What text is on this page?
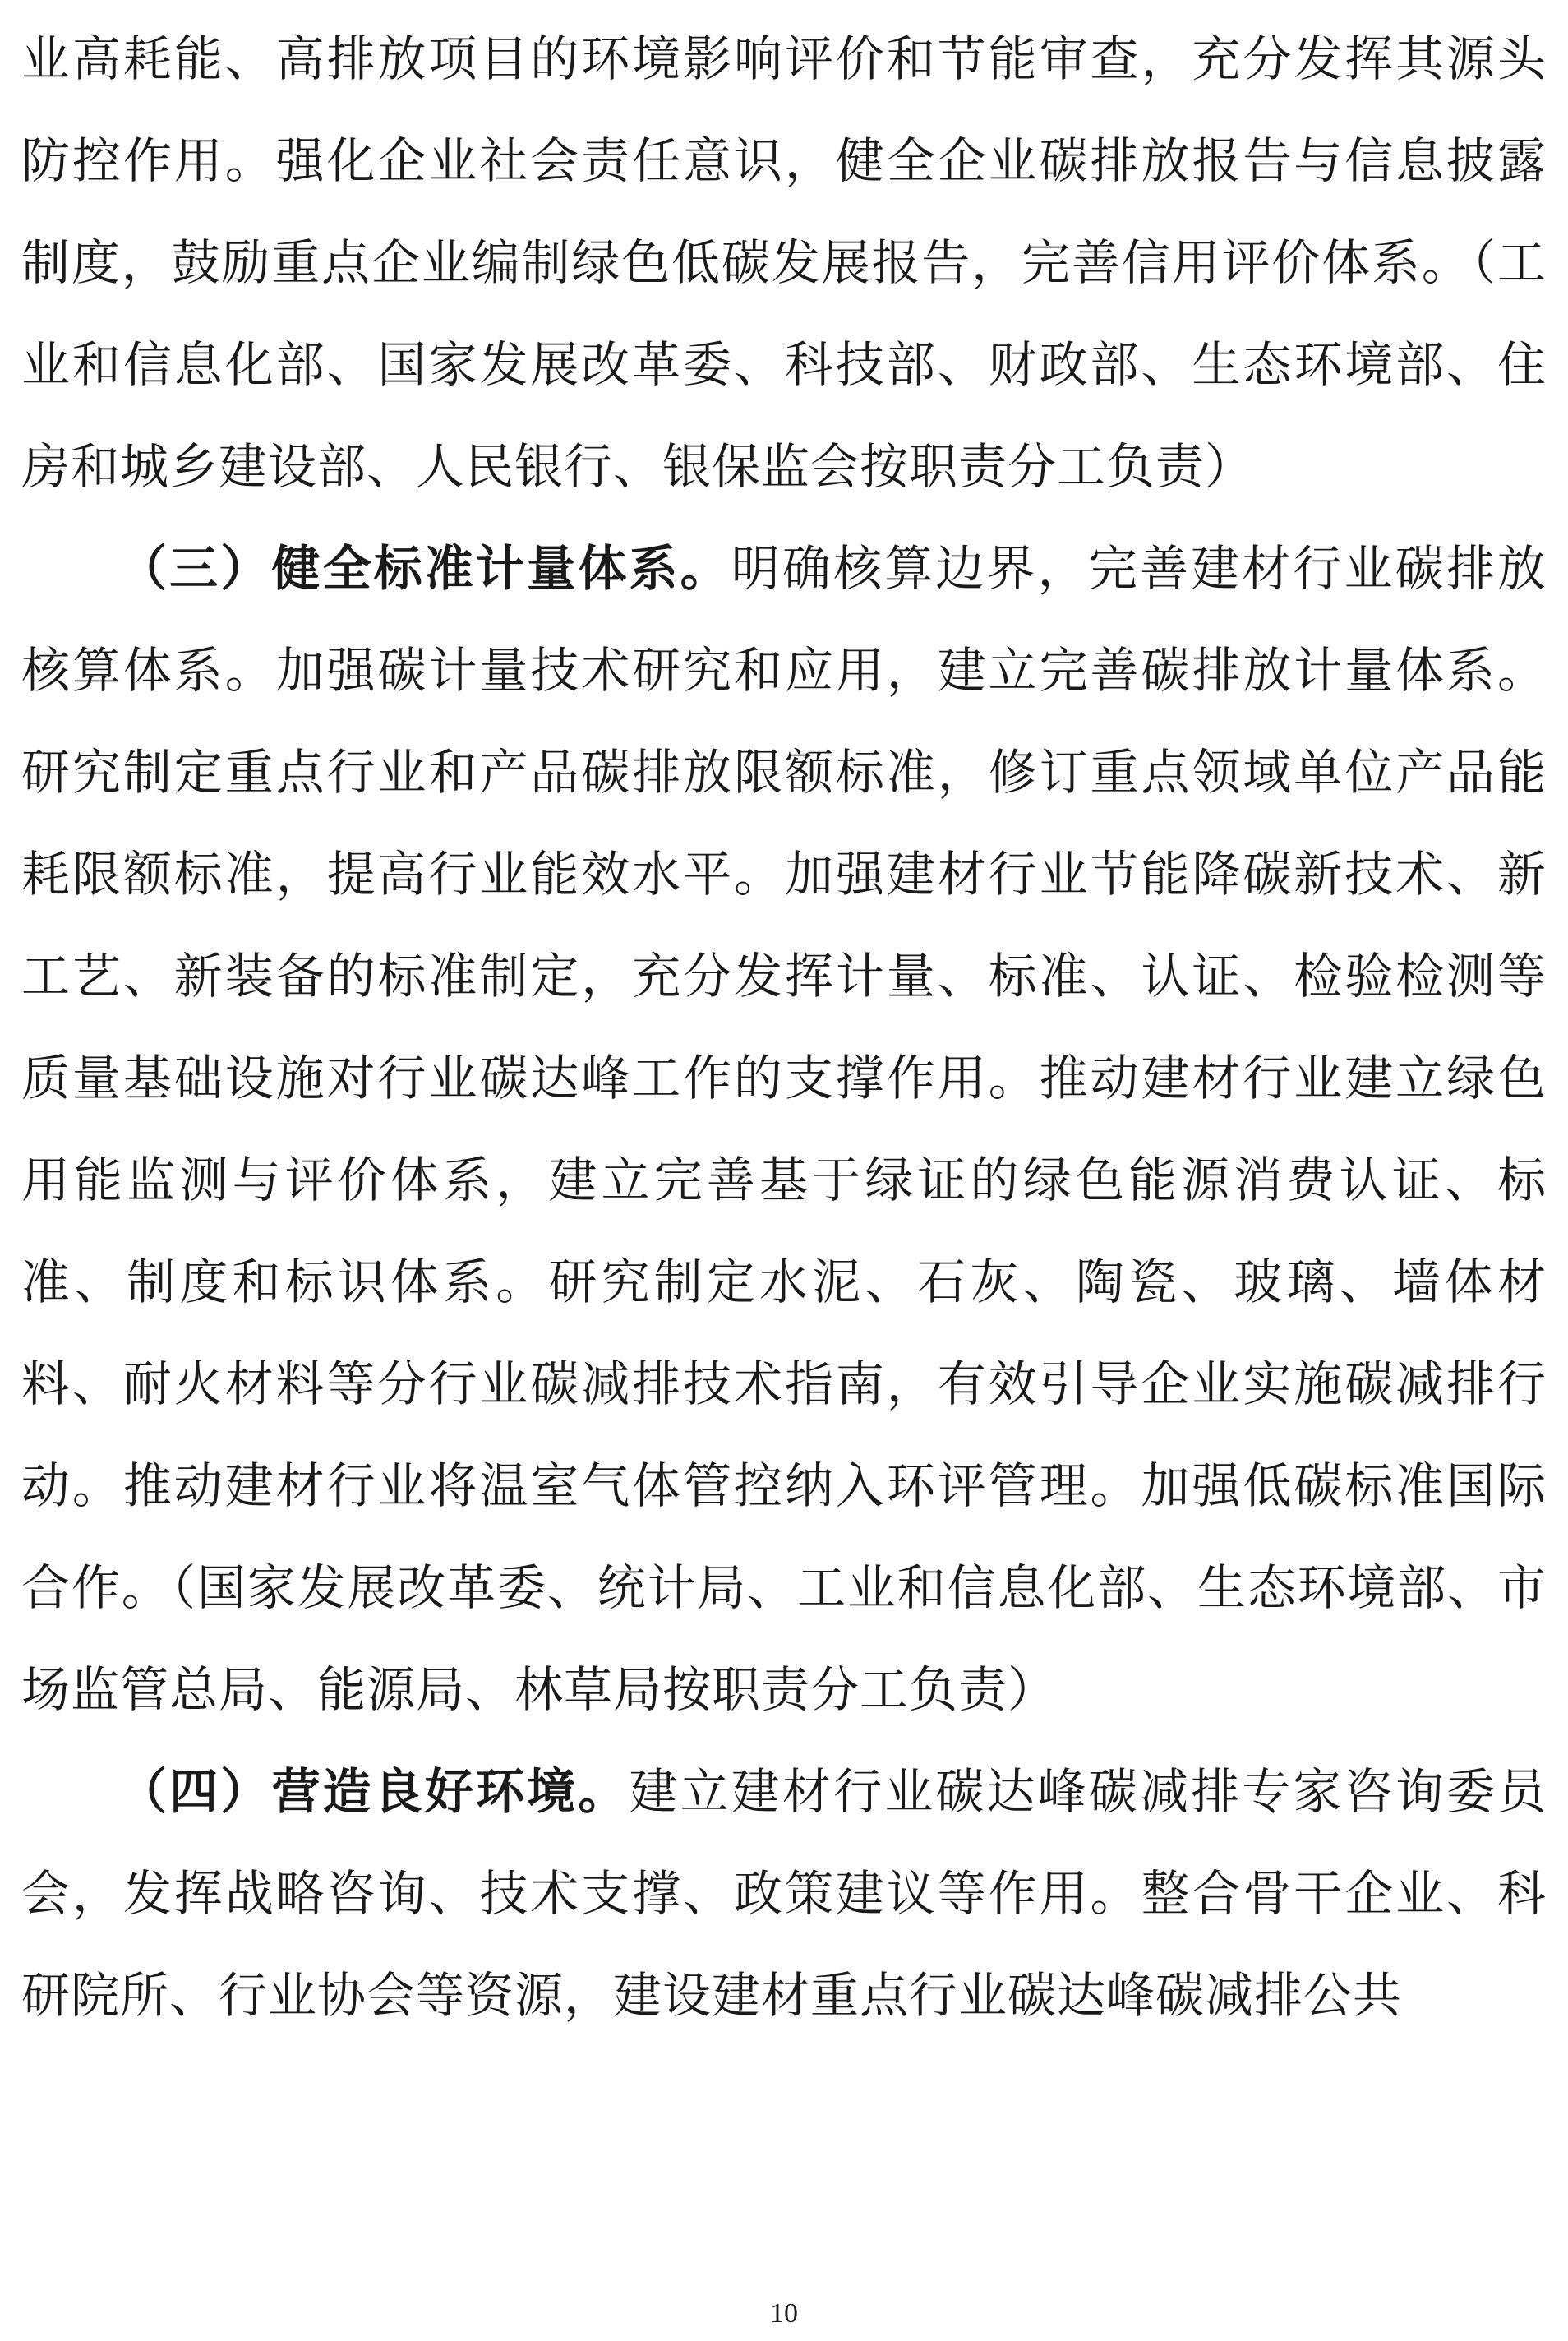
业高耗能、高排放项目的环境影响评价和节能审查，充分发挥其源头防控作用。强化企业社会责任意识，健全企业碳排放报告与信息披露制度，鼓励重点企业编制绿色低碳发展报告，完善信用评价体系。（工业和信息化部、国家发展改革委、科技部、财政部、生态环境部、住房和城乡建设部、人民银行、银保监会按职责分工负责）

（三）健全标准计量体系。明确核算边界，完善建材行业碳排放核算体系。加强碳计量技术研究和应用，建立完善碳排放计量体系。研究制定重点行业和产品碳排放限额标准，修订重点领域单位产品能耗限额标准，提高行业能效水平。加强建材行业节能降碳新技术、新工艺、新装备的标准制定，充分发挥计量、标准、认证、检验检测等质量基础设施对行业碳达峰工作的支撑作用。推动建材行业建立绿色用能监测与评价体系，建立完善基于绿证的绿色能源消费认证、标准、制度和标识体系。研究制定水泥、石灰、陶瓷、玻璃、墙体材料、耐火材料等分行业碳减排技术指南，有效引导企业实施碳减排行动。推动建材行业将温室气体管控纳入环评管理。加强低碳标准国际合作。（国家发展改革委、统计局、工业和信息化部、生态环境部、市场监管总局、能源局、林草局按职责分工负责）

（四）营造良好环境。建立建材行业碳达峰碳减排专家咨询委员会，发挥战略咨询、技术支撑、政策建议等作用。整合骨干企业、科研院所、行业协会等资源，建设建材重点行业碳达峰碳减排公共

10
